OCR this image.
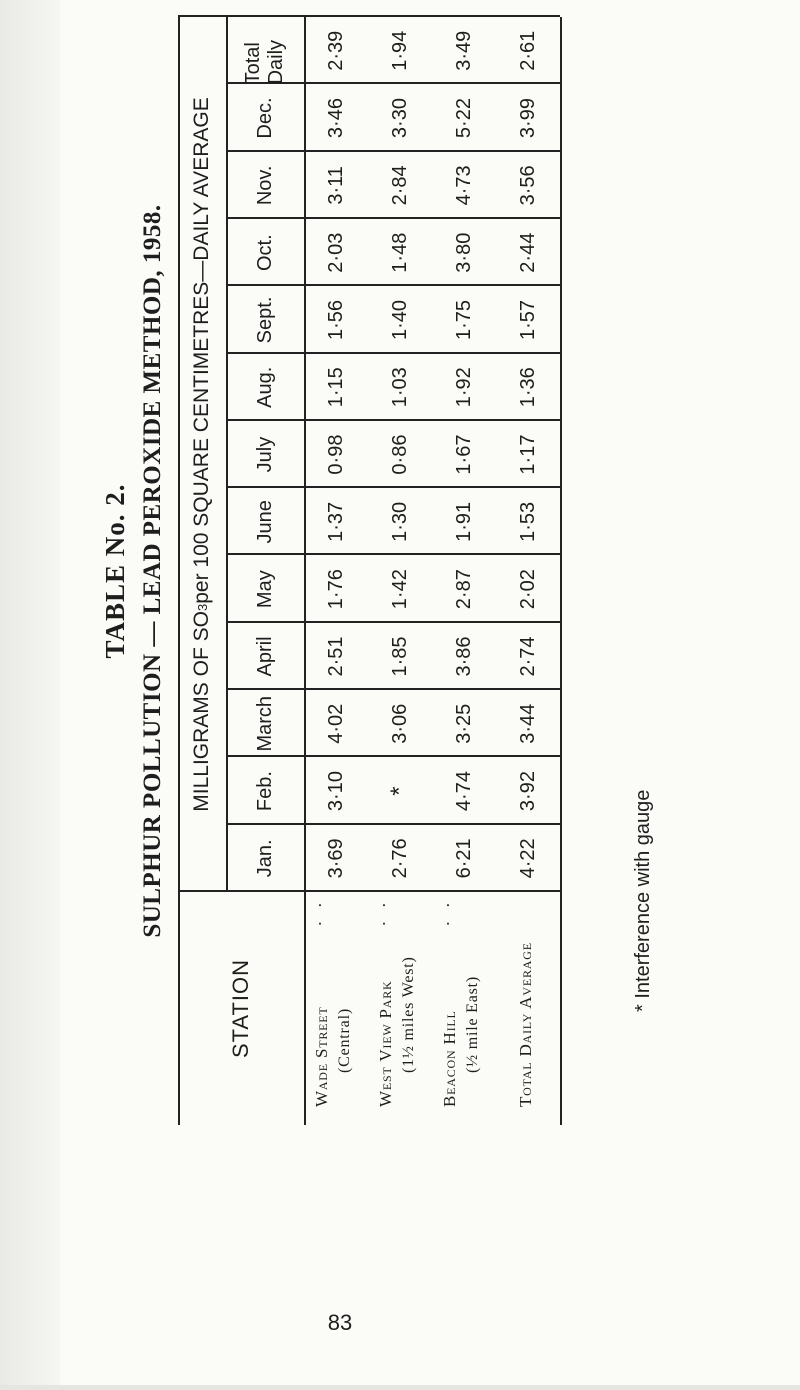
TABLE No. 2. SULPHUR POLLUTION — LEAD PEROXIDE METHOD, 1958.
STATION
MILLIGRAMS OF SO
3
per 100 SQUARE CENTIMETRES—DAILY AVERAGE
Jan.
Feb.
March
April
May
June
July
Aug.
Sept.
Oct.
Nov.
Dec.
Total Daily
Wade Street (Central)
. .
3·69
3·10
4·02
2·51
1·76
1·37
0·98
1·15
1·56
2·03
3·11
3·46
2·39
West View Park (1½ miles West)
. .
2·76
*
3·06
1·85
1·42
1·30
0·86
1·03
1·40
1·48
2·84
3·30
1·94
Beacon Hill (½ mile East)
. .
6·21
4·74
3·25
3·86
2·87
1·91
1·67
1·92
1·75
3·80
4·73
5·22
3·49
Total Daily Average
4·22
3·92
3·44
2·74
2·02
1·53
1·17
1·36
1·57
2·44
3·56
3·99
2·61
* Interference with gauge
83
